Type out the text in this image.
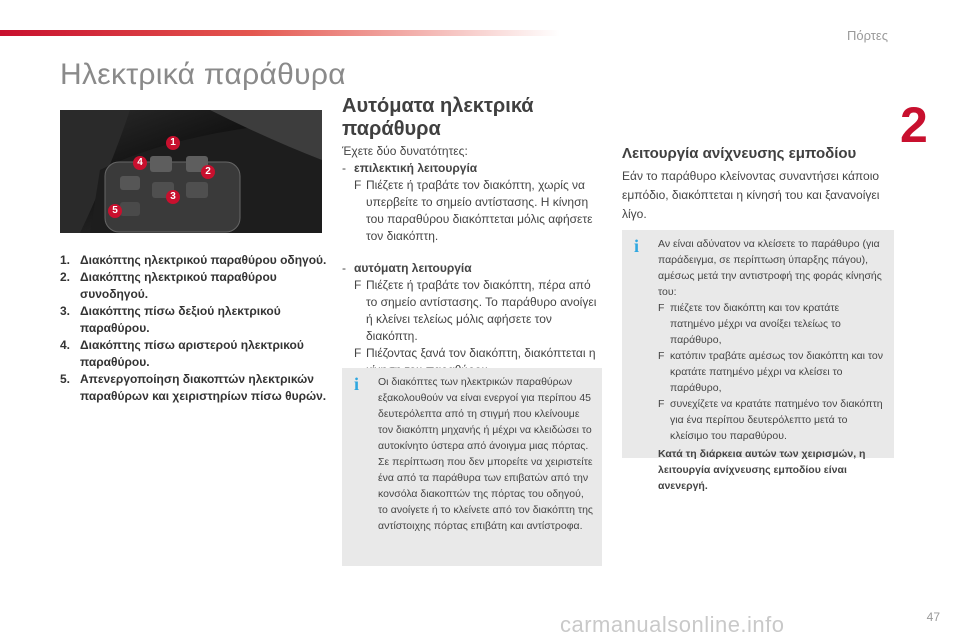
Πόρτες
2
Ηλεκτρικά παράθυρα
1
2
3
4
5
1. Διακόπτης ηλεκτρικού παραθύρου οδηγού.
2. Διακόπτης ηλεκτρικού παραθύρου συνοδηγού.
3. Διακόπτης πίσω δεξιού ηλεκτρικού παραθύρου.
4. Διακόπτης πίσω αριστερού ηλεκτρικού παραθύρου.
5. Απενεργοποίηση διακοπτών ηλεκτρικών παραθύρων και χειριστηρίων πίσω θυρών.
Αυτόματα ηλεκτρικά παράθυρα
Έχετε δύο δυνατότητες:
- επιλεκτική λειτουργία
F Πιέζετε ή τραβάτε τον διακόπτη, χωρίς να υπερβείτε το σημείο αντίστασης. Η κίνηση του παραθύρου διακόπτεται μόλις αφήσετε τον διακόπτη.
- αυτόματη λειτουργία
F Πιέζετε ή τραβάτε τον διακόπτη, πέρα από το σημείο αντίστασης. Το παράθυρο ανοίγει ή κλείνει τελείως μόλις αφήσετε τον διακόπτη.
F Πιέζοντας ξανά τον διακόπτη, διακόπτεται η
i	Οι διακόπτες των ηλεκτρικών παραθύρων εξακολουθούν να είναι ενεργοί για περίπου 45 δευτερόλεπτα από τη στιγμή που κλείνουμε τον διακόπτη μηχανής ή μέχρι να κλειδώσει το αυτοκίνητο ύστερα από άνοιγμα μιας πόρτας.
Σε περίπτωση που δεν μπορείτε να χειριστείτε ένα από τα παράθυρα των επιβατών από την κονσόλα διακοπτών της πόρτας του οδηγού, το ανοίγετε ή το κλείνετε από τον διακόπτη της αντίστοιχης πόρτας επιβάτη και αντίστροφα.
Λειτουργία ανίχνευσης εμποδίου
Εάν το παράθυρο κλείνοντας συναντήσει κάποιο εμπόδιο, διακόπτεται η κίνησή του και ξανανοίγει λίγο.
i	Αν είναι αδύνατον να κλείσετε το παράθυρο (για παράδειγμα, σε περίπτωση ύπαρξης πάγου), αμέσως μετά την αντιστροφή της φοράς κίνησής του:
F πιέζετε τον διακόπτη και τον κρατάτε πατημένο μέχρι να ανοίξει τελείως το παράθυρο,
F κατόπιν τραβάτε αμέσως τον διακόπτη και τον κρατάτε πατημένο μέχρι να κλείσει το παράθυρο,
F συνεχίζετε να κρατάτε πατημένο τον διακόπτη για ένα περίπου δευτερόλεπτο μετά το κλείσιμο του παραθύρου.
Κατά τη διάρκεια αυτών των χειρισμών, η λειτουργία ανίχνευσης εμποδίου είναι ανενεργή.
carmanualsonline.info	47
